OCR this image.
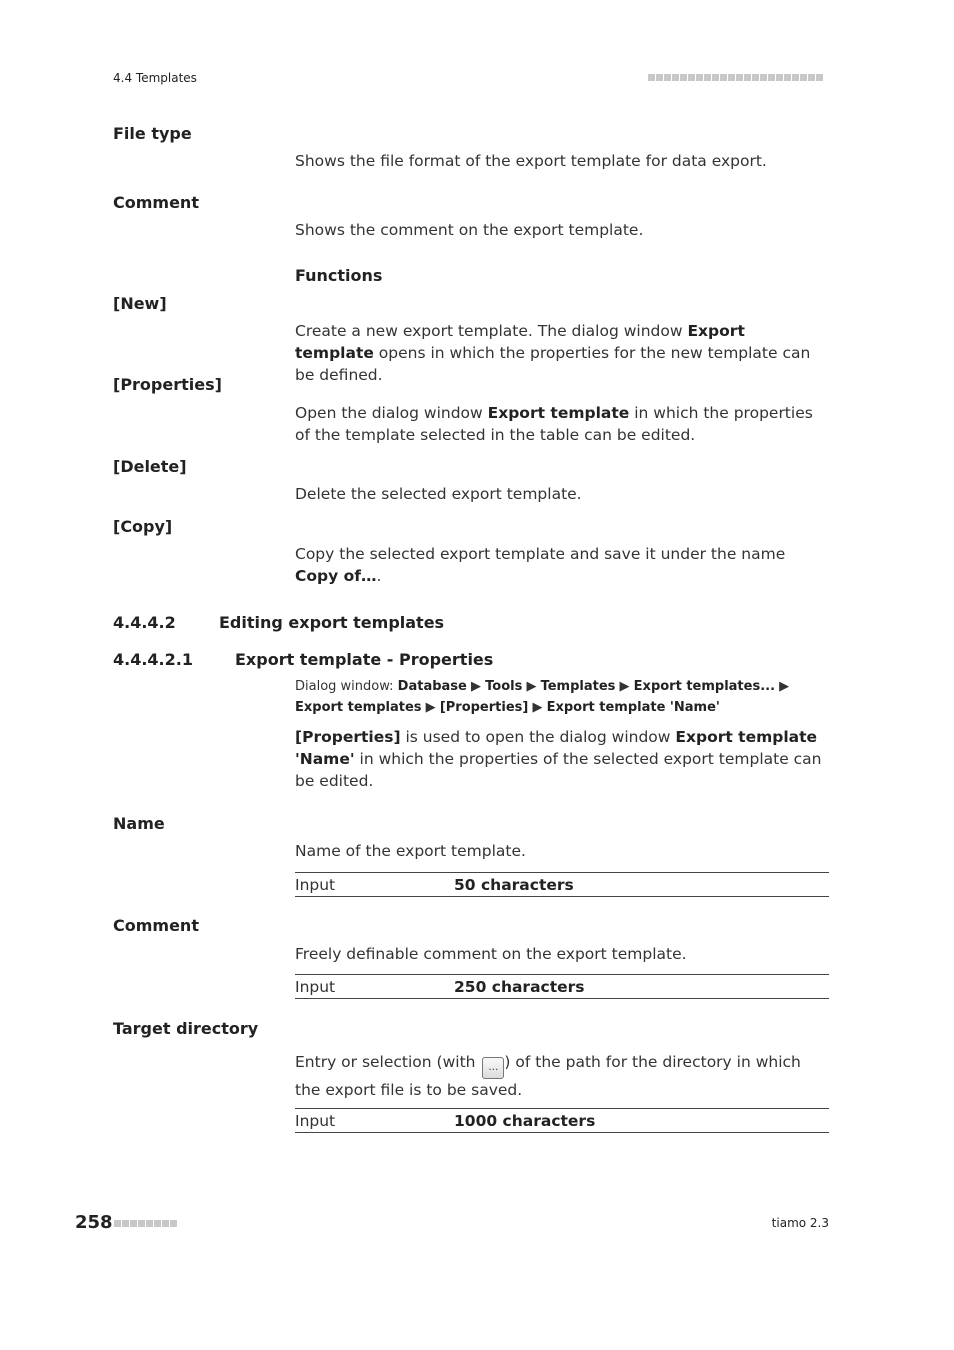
4.4 Templates
File type
Shows the file format of the export template for data export.
Comment
Shows the comment on the export template.
Functions
[New]
Create a new export template. The dialog window Export template opens in which the properties for the new template can be defined.
[Properties]
Open the dialog window Export template in which the properties of the template selected in the table can be edited.
[Delete]
Delete the selected export template.
[Copy]
Copy the selected export template and save it under the name Copy of….
4.4.4.2	Editing export templates
4.4.4.2.1	Export template - Properties
Dialog window: Database ▶ Tools ▶ Templates ▶ Export templates... ▶ Export templates ▶ [Properties] ▶ Export template 'Name'
[Properties] is used to open the dialog window Export template 'Name' in which the properties of the selected export template can be edited.
Name
Name of the export template.
Input	50 characters
Comment
Freely definable comment on the export template.
Input	250 characters
Target directory
Entry or selection (with … ) of the path for the directory in which the export file is to be saved.
Input	1000 characters
258	tiamo 2.3
